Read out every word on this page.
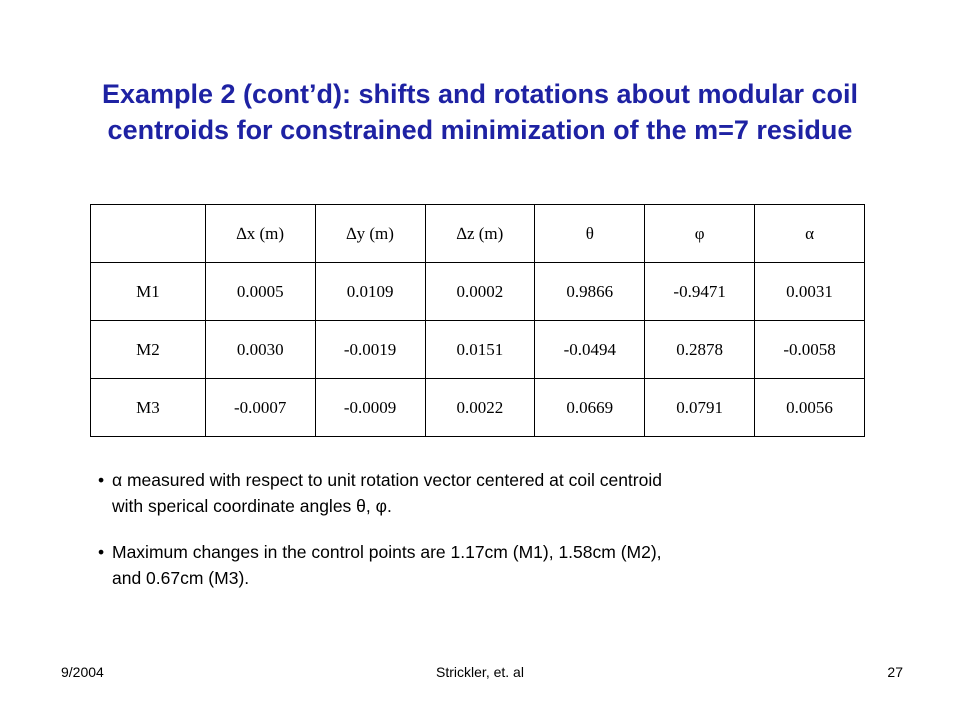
Example 2 (cont’d): shifts and rotations about modular coil
centroids for constrained minimization of the m=7 residue
	∆x (m)	∆y (m)	∆z (m)	θ	φ	α
M1	0.0005	0.0109	0.0002	0.9866	-0.9471	0.0031
M2	0.0030	-0.0019	0.0151	-0.0494	0.2878	-0.0058
M3	-0.0007	-0.0009	0.0022	0.0669	0.0791	0.0056
• α measured with respect to unit rotation vector centered at coil centroid
with sperical coordinate angles θ, φ.
• Maximum changes in the control points are 1.17cm (M1), 1.58cm (M2),
and 0.67cm (M3).
9/2004	Strickler, et. al	27
